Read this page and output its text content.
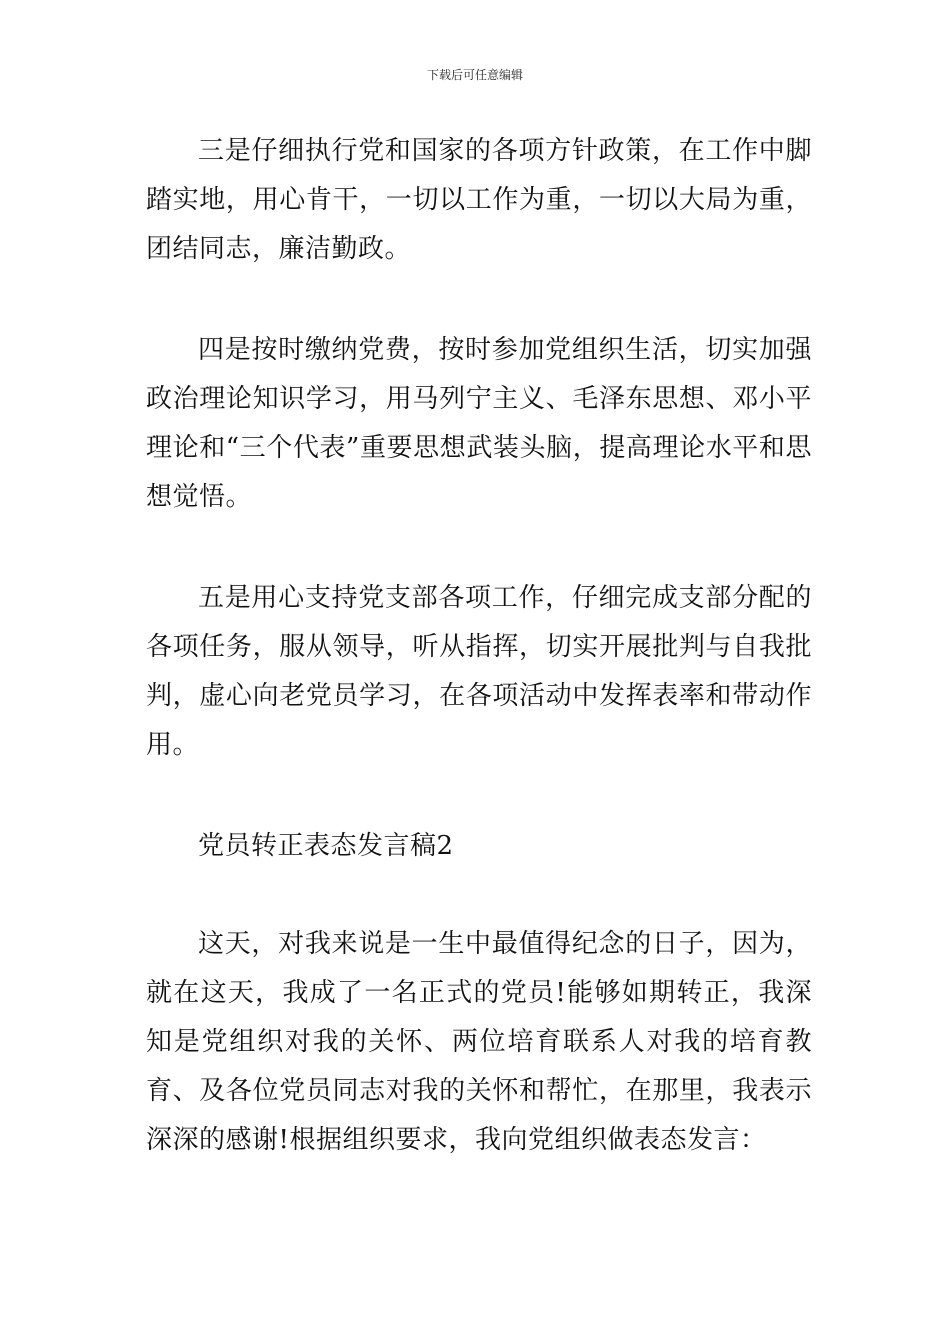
下载后可任意编辑

三是仔细执行党和国家的各项方针政策，在工作中脚踏实地，用心肯干，一切以工作为重，一切以大局为重，团结同志，廉洁勤政。

四是按时缴纳党费，按时参加党组织生活，切实加强政治理论知识学习，用马列宁主义、毛泽东思想、邓小平理论和“三个代表”重要思想武装头脑，提高理论水平和思想觉悟。

五是用心支持党支部各项工作，仔细完成支部分配的各项任务，服从领导，听从指挥，切实开展批判与自我批判，虚心向老党员学习，在各项活动中发挥表率和带动作用。

党员转正表态发言稿2

这天，对我来说是一生中最值得纪念的日子，因为，就在这天，我成了一名正式的党员!能够如期转正，我深知是党组织对我的关怀、两位培育联系人对我的培育教育、及各位党员同志对我的关怀和帮忙，在那里，我表示深深的感谢!根据组织要求，我向党组织做表态发言：
